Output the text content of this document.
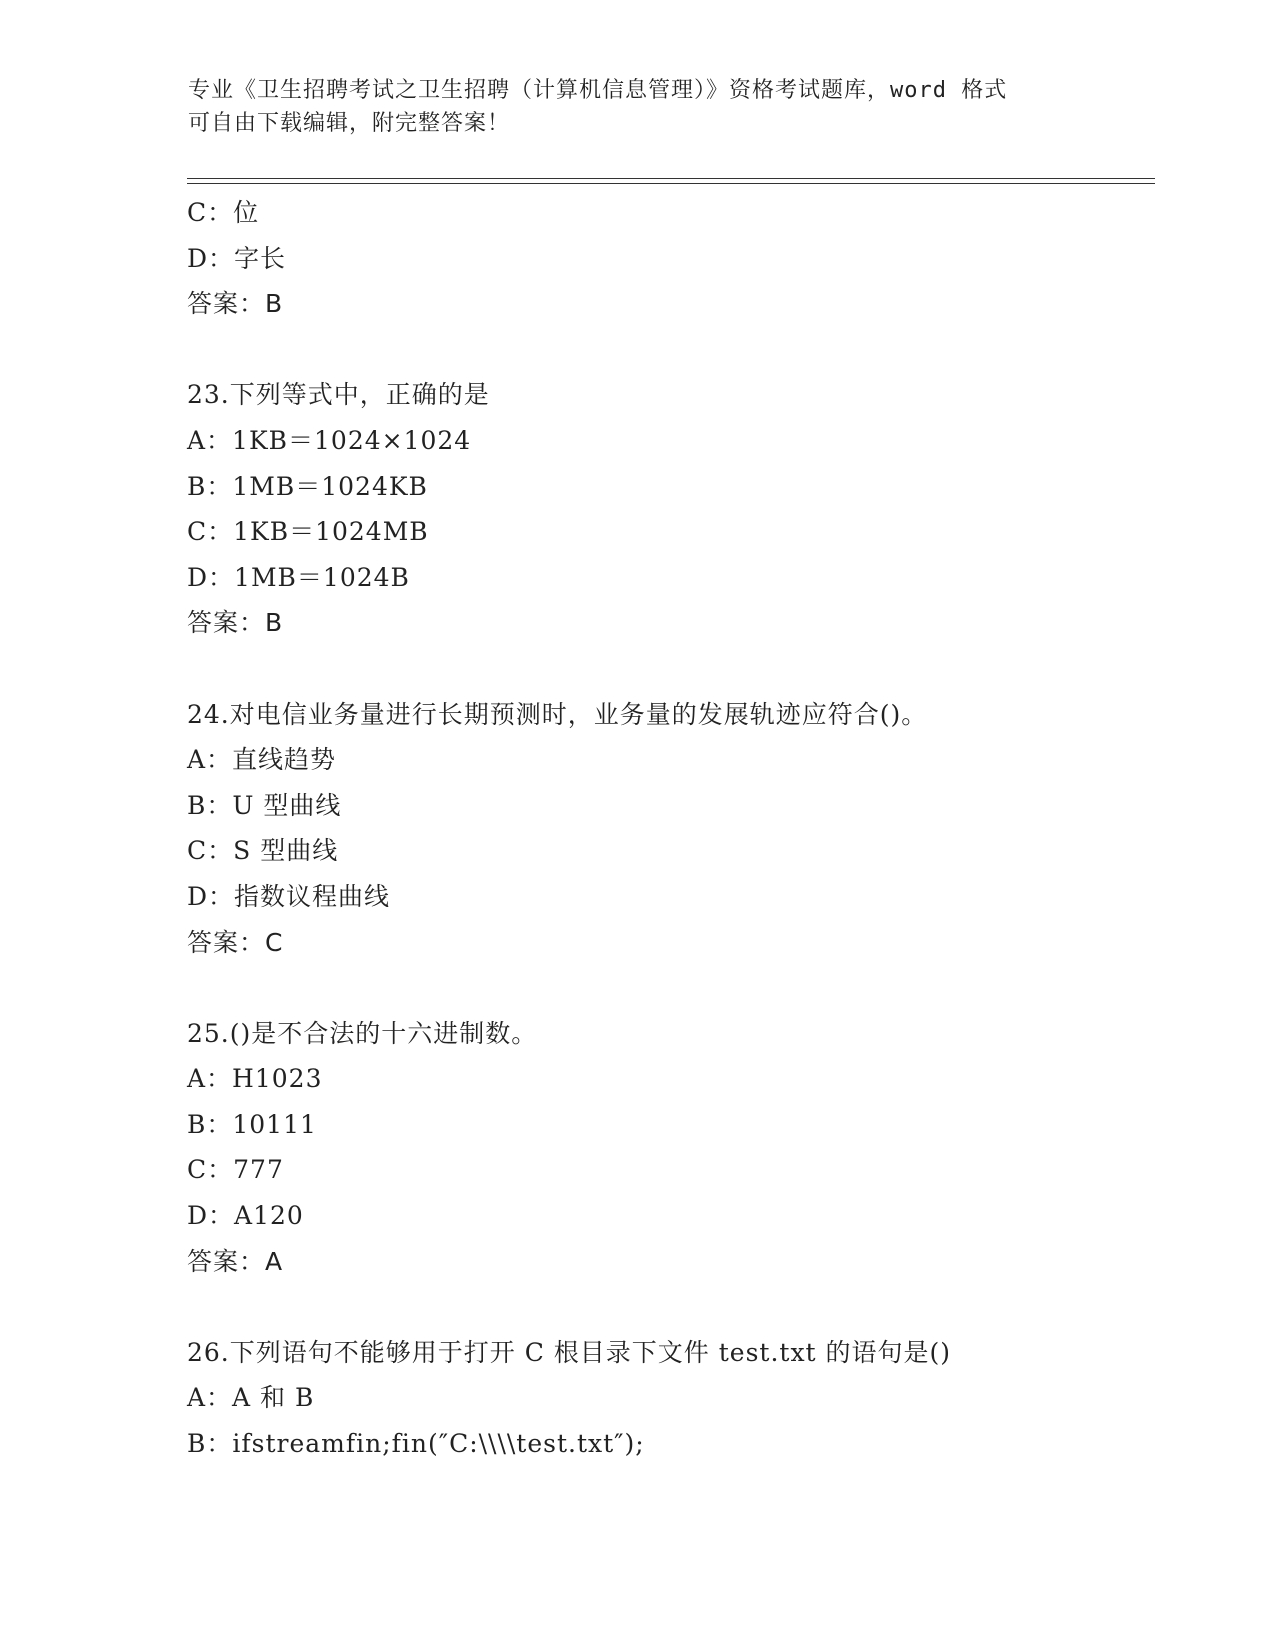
专业《卫生招聘考试之卫生招聘（计算机信息管理）》资格考试题库，word 格式
可自由下载编辑，附完整答案！
C：位
D：字长
答案：B
23.下列等式中，正确的是
A：1KB＝1024×1024
B：1MB＝1024KB
C：1KB＝1024MB
D：1MB＝1024B
答案：B
24.对电信业务量进行长期预测时，业务量的发展轨迹应符合()。
A：直线趋势
B：U 型曲线
C：S 型曲线
D：指数议程曲线
答案：C
25.()是不合法的十六进制数。
A：H1023
B：10111
C：777
D：A120
答案：A
26.下列语句不能够用于打开 C 根目录下文件 test.txt 的语句是()
A：A 和 B
B：ifstreamfin;fin(″C:\\\\test.txt″);
